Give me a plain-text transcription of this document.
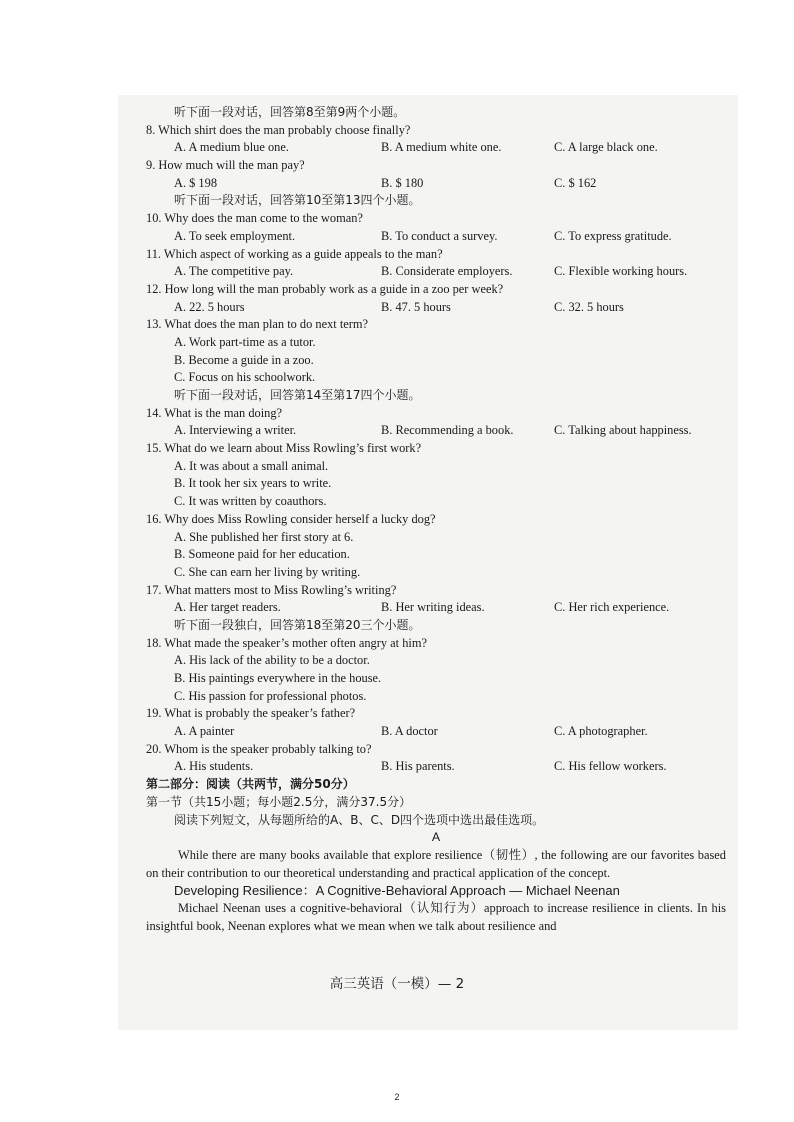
听下面一段对话，回答第8至第9两个小题。
8. Which shirt does the man probably choose finally?
A. A medium blue one.	B. A medium white one.	C. A large black one.
9. How much will the man pay?
A. $ 198	B. $ 180	C. $ 162
听下面一段对话，回答第10至第13四个小题。
10. Why does the man come to the woman?
A. To seek employment.	B. To conduct a survey.	C. To express gratitude.
11. Which aspect of working as a guide appeals to the man?
A. The competitive pay.	B. Considerate employers.	C. Flexible working hours.
12. How long will the man probably work as a guide in a zoo per week?
A. 22. 5 hours	B. 47. 5 hours	C. 32. 5 hours
13. What does the man plan to do next term?
A. Work part-time as a tutor.
B. Become a guide in a zoo.
C. Focus on his schoolwork.
听下面一段对话，回答第14至第17四个小题。
14. What is the man doing?
A. Interviewing a writer.	B. Recommending a book.	C. Talking about happiness.
15. What do we learn about Miss Rowling’s first work?
A. It was about a small animal.
B. It took her six years to write.
C. It was written by coauthors.
16. Why does Miss Rowling consider herself a lucky dog?
A. She published her first story at 6.
B. Someone paid for her education.
C. She can earn her living by writing.
17. What matters most to Miss Rowling’s writing?
A. Her target readers.	B. Her writing ideas.	C. Her rich experience.
听下面一段独白，回答第18至第20三个小题。
18. What made the speaker’s mother often angry at him?
A. His lack of the ability to be a doctor.
B. His paintings everywhere in the house.
C. His passion for professional photos.
19. What is probably the speaker’s father?
A. A painter	B. A doctor	C. A photographer.
20. Whom is the speaker probably talking to?
A. His students.	B. His parents.	C. His fellow workers.
第二部分：阅读（共两节，满分50分）
第一节（共15小题；每小题2.5分，满分37.5分）
阅读下列短文，从每题所给的A、B、C、D四个选项中选出最佳选项。
A
While there are many books available that explore resilience（韧性）, the following are our favorites based on their contribution to our theoretical understanding and practical application of the concept.
Developing Resilience：A Cognitive-Behavioral Approach — Michael Neenan
Michael Neenan uses a cognitive-behavioral（认知行为）approach to increase resilience in clients. In his insightful book, Neenan explores what we mean when we talk about resilience and
高三英语（一模）— 2
2
